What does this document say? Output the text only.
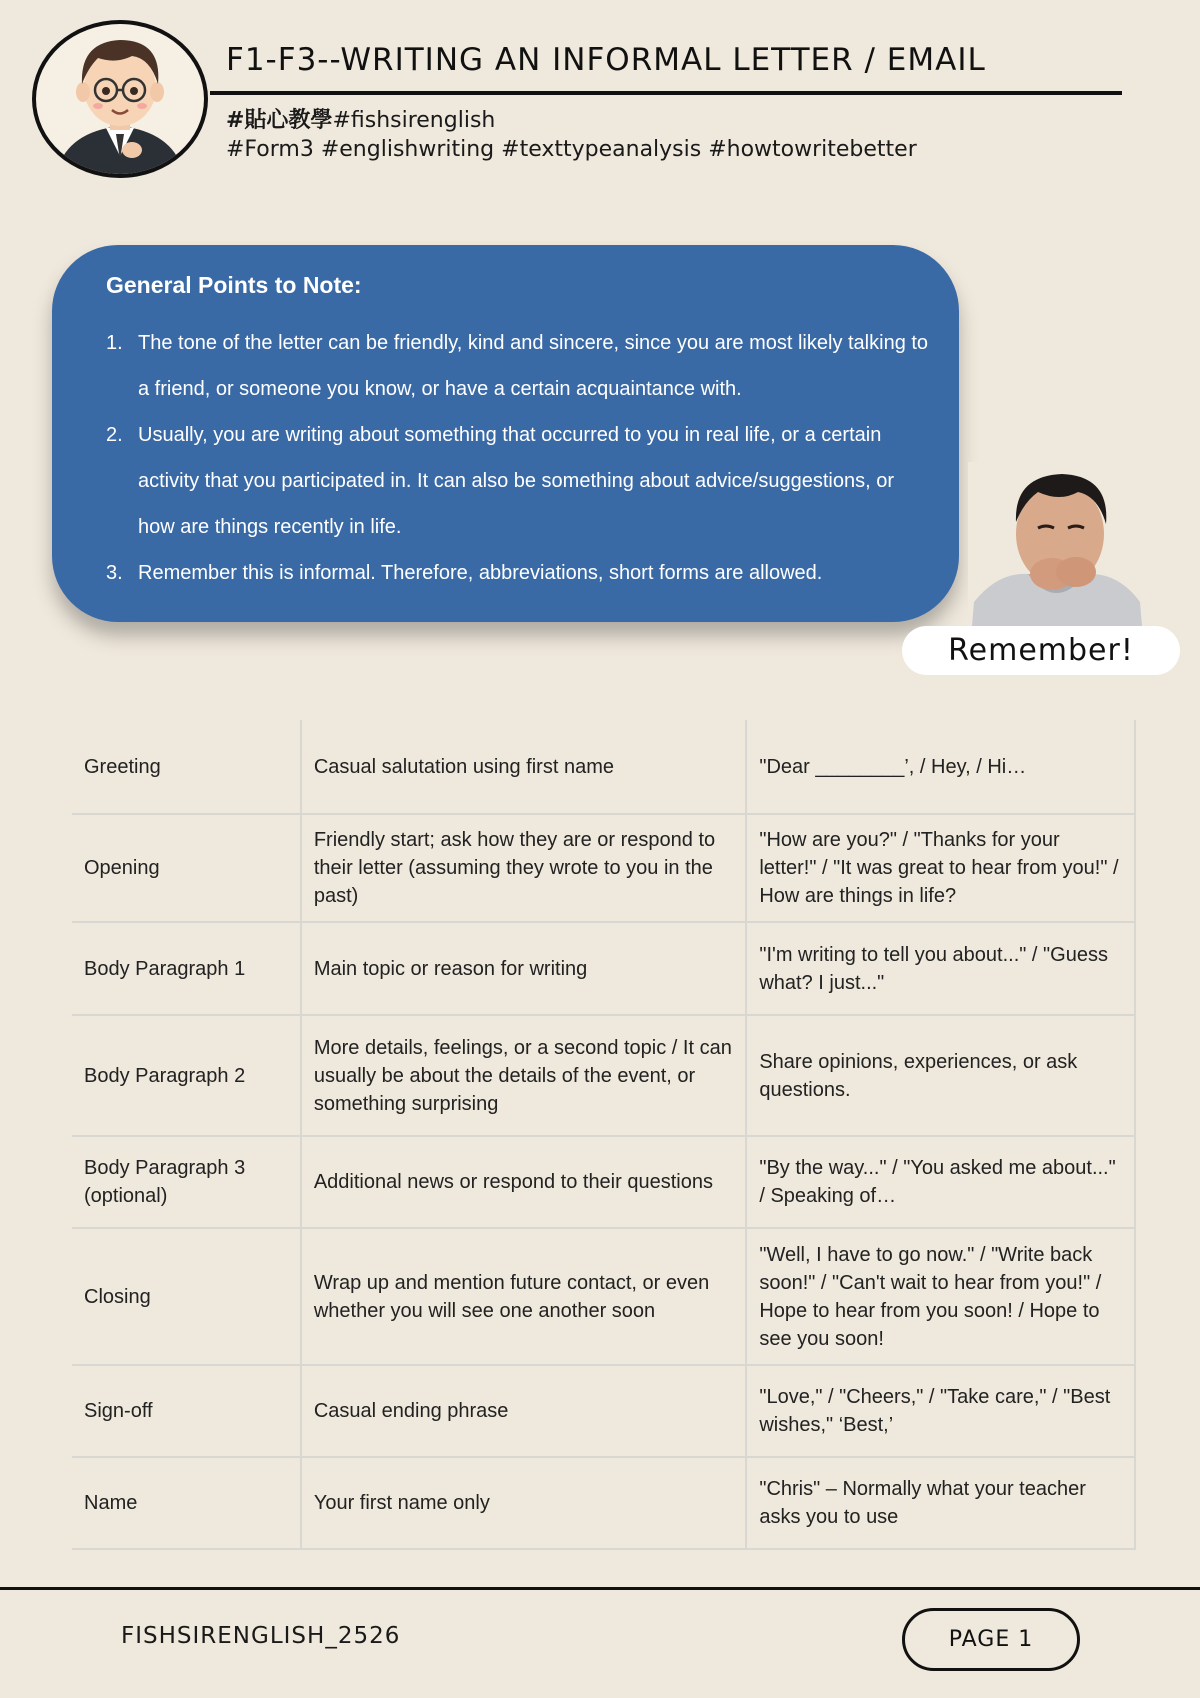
F1-F3--WRITING AN INFORMAL LETTER / EMAIL
#貼心教學#fishsirenglish
#Form3 #englishwriting #texttypeanalysis #howtowritebetter
General Points to Note:
1. The tone of the letter can be friendly, kind and sincere, since you are most likely talking to a friend, or someone you know, or have a certain acquaintance with.
2. Usually, you are writing about something that occurred to you in real life, or a certain activity that you participated in. It can also be something about advice/suggestions, or how are things recently in life.
3. Remember this is informal. Therefore, abbreviations, short forms are allowed.
Remember!
Greeting	Casual salutation using first name	"Dear ________’, / Hey, / Hi…
Opening	Friendly start; ask how they are or respond to their letter (assuming they wrote to you in the past)	"How are you?" / "Thanks for your letter!" / "It was great to hear from you!" / How are things in life?
Body Paragraph 1	Main topic or reason for writing	"I'm writing to tell you about..." / "Guess what? I just..."
Body Paragraph 2	More details, feelings, or a second topic / It can usually be about the details of the event, or something surprising	Share opinions, experiences, or ask questions.
Body Paragraph 3 (optional)	Additional news or respond to their questions	"By the way..." / "You asked me about..." / Speaking of…
Closing	Wrap up and mention future contact, or even whether you will see one another soon	"Well, I have to go now." / "Write back soon!" / "Can't wait to hear from you!" / Hope to hear from you soon! / Hope to see you soon!
Sign-off	Casual ending phrase	"Love," / "Cheers," / "Take care," / "Best wishes," ‘Best,’
Name	Your first name only	"Chris" – Normally what your teacher asks you to use
FISHSIRENGLISH_2526	PAGE 1
